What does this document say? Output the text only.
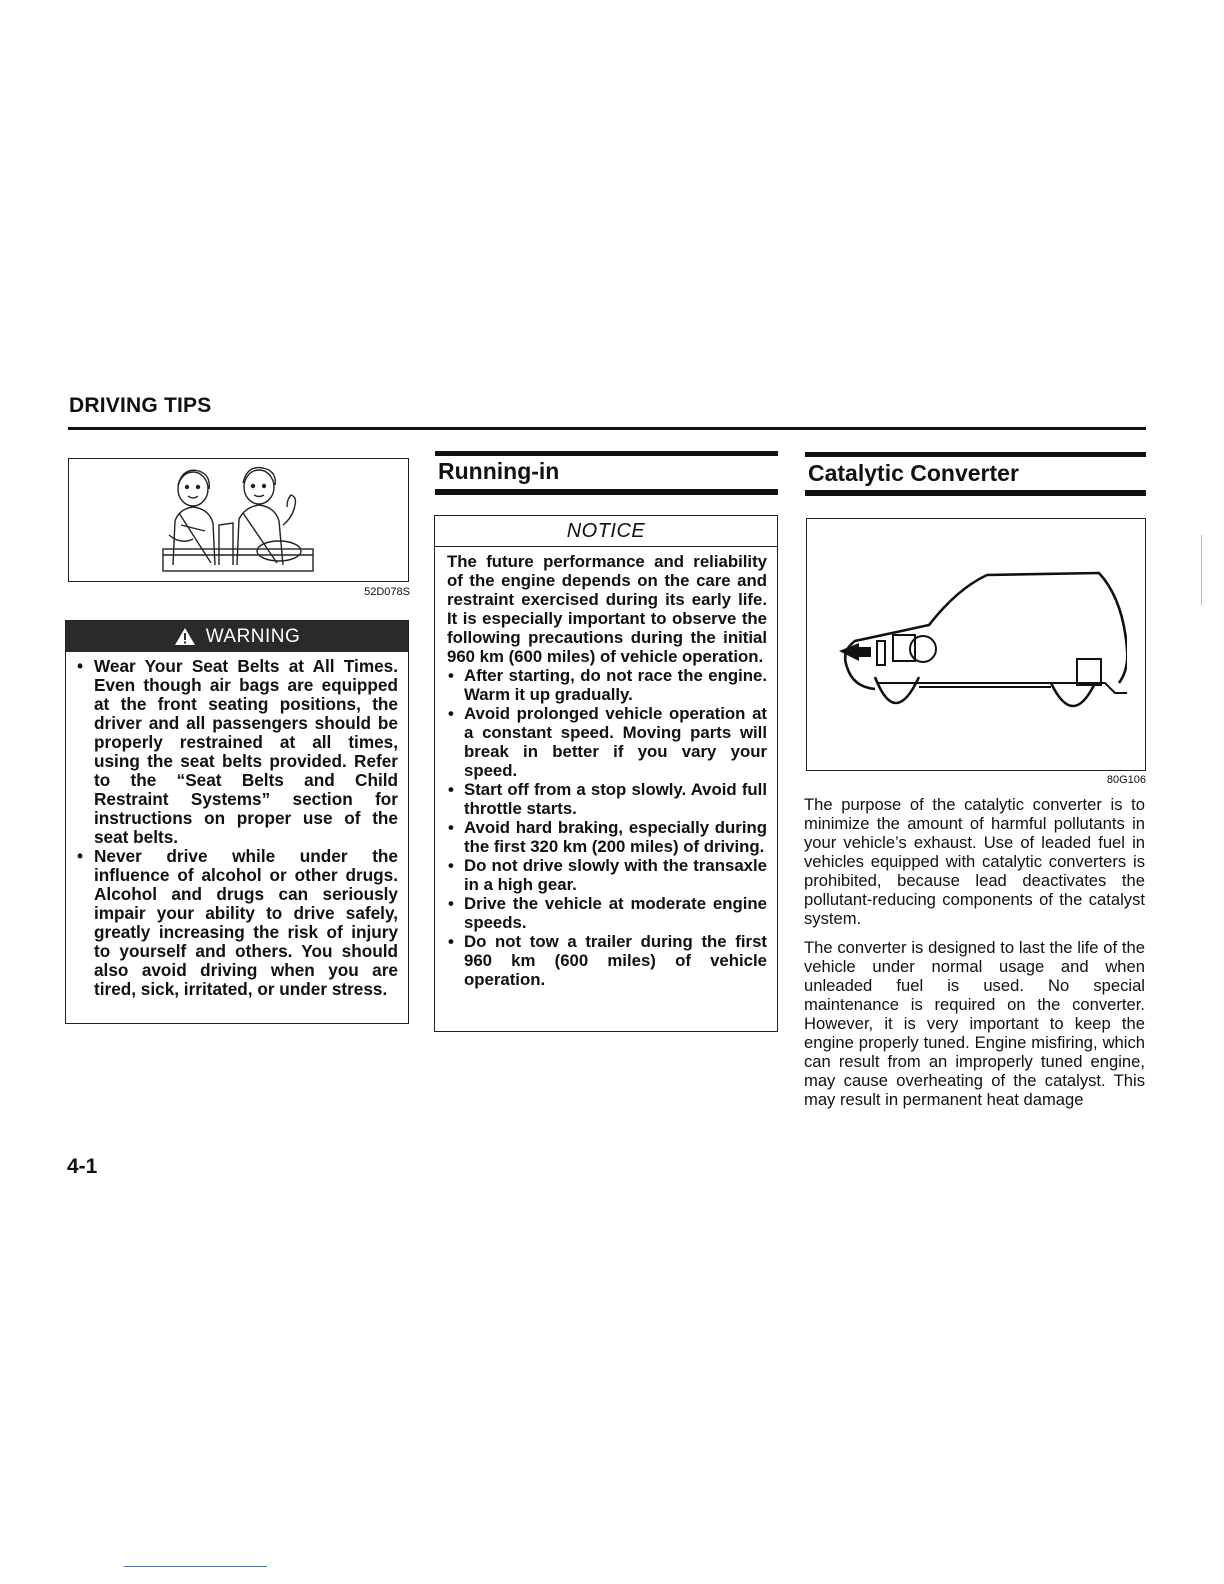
DRIVING TIPS
52D078S
WARNING
• Wear Your Seat Belts at All Times. Even though air bags are equipped at the front seating positions, the driver and all passengers should be properly restrained at all times, using the seat belts provided. Refer to the “Seat Belts and Child Restraint Systems” section for instructions on proper use of the seat belts.
• Never drive while under the influence of alcohol or other drugs. Alcohol and drugs can seriously impair your ability to drive safely, greatly increasing the risk of injury to yourself and others. You should also avoid driving when you are tired, sick, irritated, or under stress.
Running-in
NOTICE

The future performance and reliability of the engine depends on the care and restraint exercised during its early life. It is especially important to observe the following precautions during the initial 960 km (600 miles) of vehicle operation.

• After starting, do not race the engine. Warm it up gradually.
• Avoid prolonged vehicle operation at a constant speed. Moving parts will break in better if you vary your speed.
• Start off from a stop slowly. Avoid full throttle starts.
• Avoid hard braking, especially during the first 320 km (200 miles) of driving.
• Do not drive slowly with the transaxle in a high gear.
• Drive the vehicle at moderate engine speeds.
• Do not tow a trailer during the first 960 km (600 miles) of vehicle operation.
Catalytic Converter
80G106

The purpose of the catalytic converter is to minimize the amount of harmful pollutants in your vehicle’s exhaust. Use of leaded fuel in vehicles equipped with catalytic converters is prohibited, because lead deactivates the pollutant-reducing components of the catalyst system.

The converter is designed to last the life of the vehicle under normal usage and when unleaded fuel is used. No special maintenance is required on the converter. However, it is very important to keep the engine properly tuned. Engine misfiring, which can result from an improperly tuned engine, may cause overheating of the catalyst. This may result in permanent heat damage

4-1
